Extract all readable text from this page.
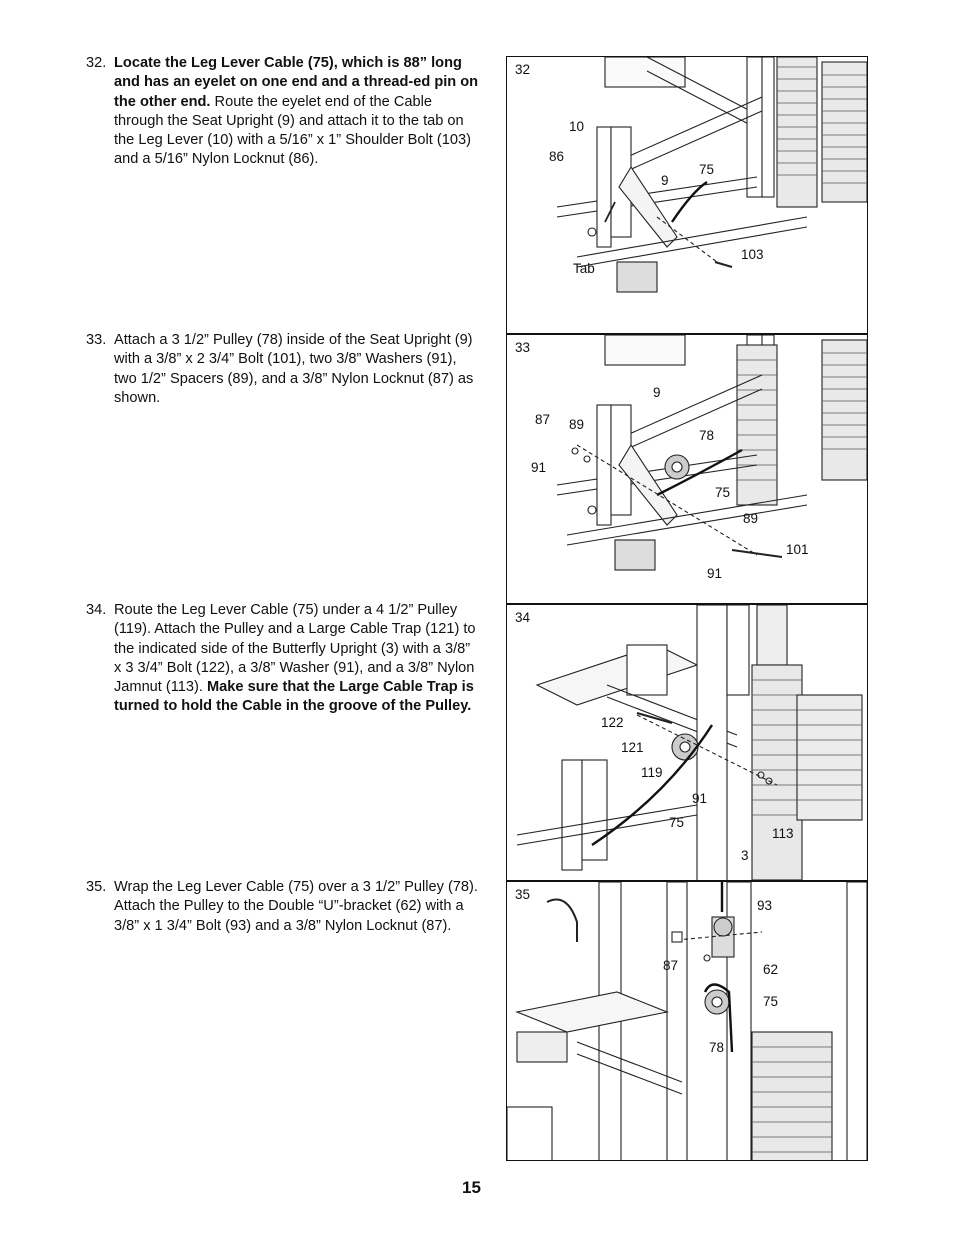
32. Locate the Leg Lever Cable (75), which is 88” long and has an eyelet on one end and a thread-ed pin on the other end. Route the eyelet end of the Cable through the Seat Upright (9) and attach it to the tab on the Leg Lever (10) with a 5/16” x 1” Shoulder Bolt (103) and a 5/16” Nylon Locknut (86).
33. Attach a 3 1/2” Pulley (78) inside of the Seat Upright (9) with a 3/8” x 2 3/4” Bolt (101), two 3/8” Washers (91), two 1/2” Spacers (89), and a 3/8” Nylon Locknut (87) as shown.
34. Route the Leg Lever Cable (75) under a 4 1/2” Pulley (119). Attach the Pulley and a Large Cable Trap (121) to the indicated side of the Butterfly Upright (3) with a 3/8” x 3 3/4” Bolt (122), a 3/8” Washer (91), and a 3/8” Nylon Jamnut (113). Make sure that the Large Cable Trap is turned to hold the Cable in the groove of the Pulley.
35. Wrap the Leg Lever Cable (75) over a 3 1/2” Pulley (78). Attach the Pulley to the Double “U”-bracket (62) with a 3/8” x 1 3/4” Bolt (93) and a 3/8” Nylon Locknut (87).
32
10
86
9
75
103
Tab
33
9
87 89
78
91
75
89
101
91
34
122
121
119
91
75
113
3
35
93
87	62
75
78
15
